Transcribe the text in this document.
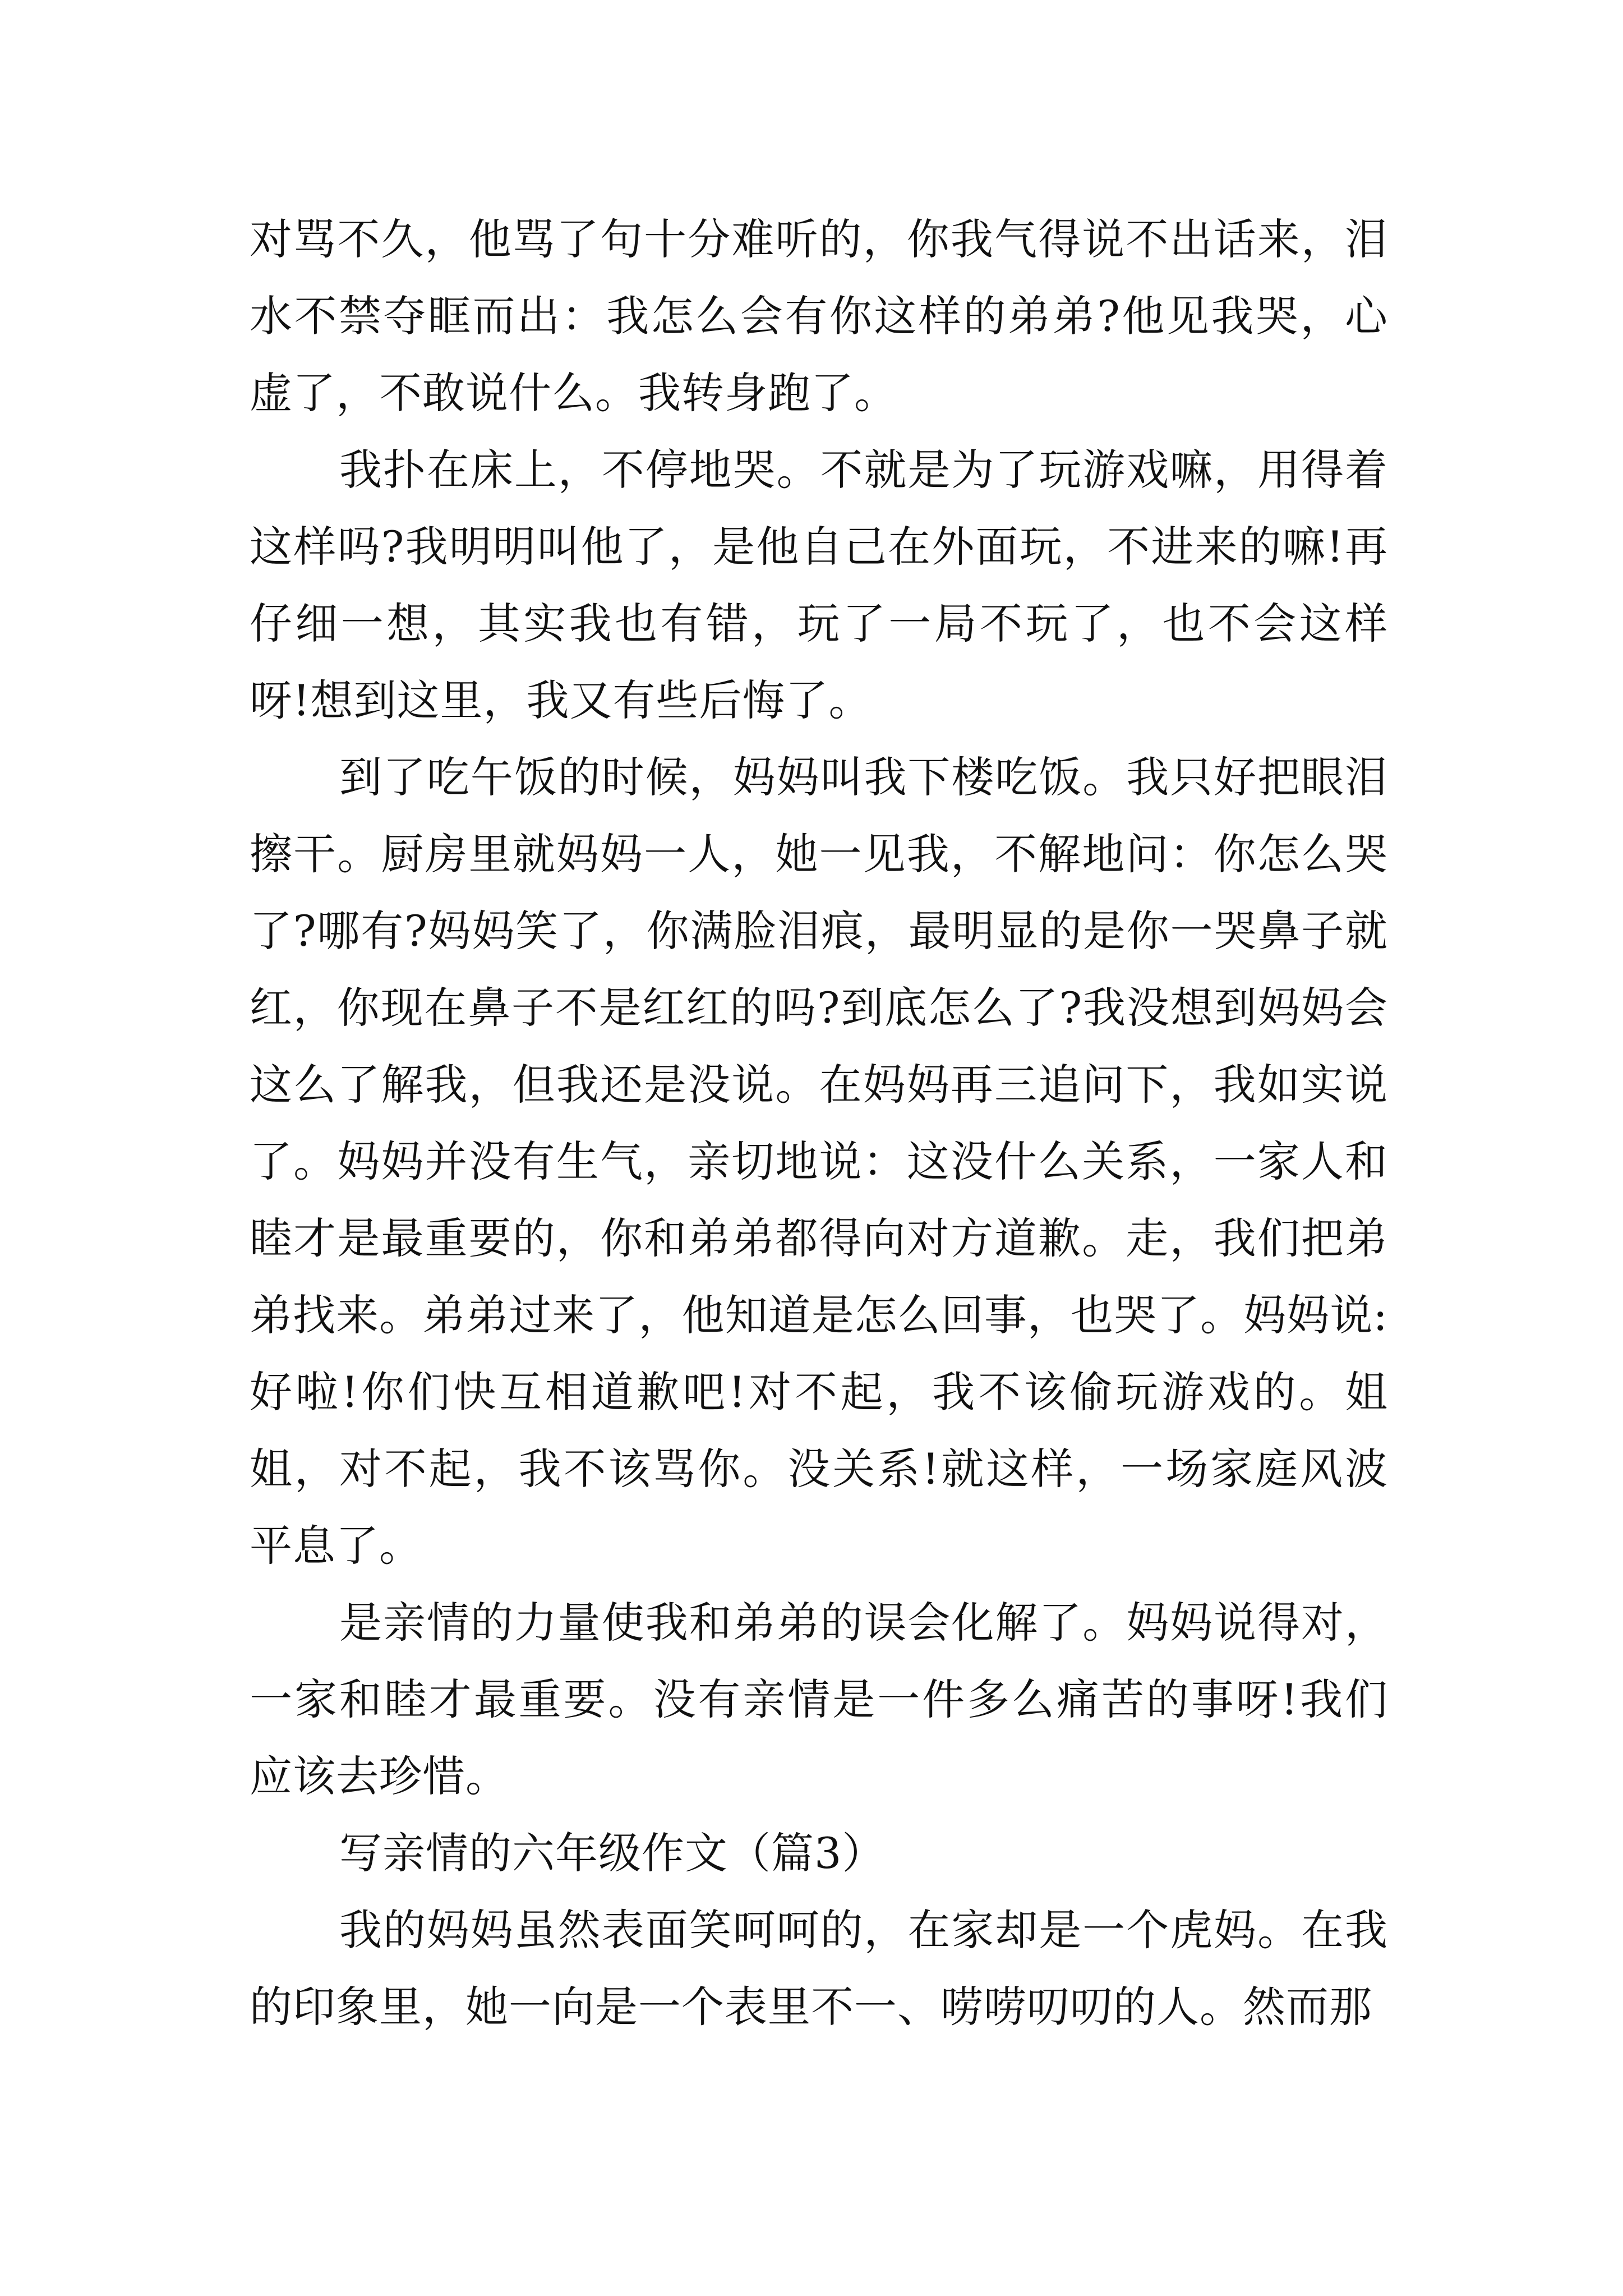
对骂不久，他骂了句十分难听的，你我气得说不出话来，泪水不禁夺眶而出：我怎么会有你这样的弟弟?他见我哭，心虚了，不敢说什么。我转身跑了。

我扑在床上，不停地哭。不就是为了玩游戏嘛，用得着这样吗?我明明叫他了，是他自己在外面玩，不进来的嘛!再仔细一想，其实我也有错，玩了一局不玩了，也不会这样呀!想到这里，我又有些后悔了。

到了吃午饭的时候，妈妈叫我下楼吃饭。我只好把眼泪擦干。厨房里就妈妈一人，她一见我，不解地问：你怎么哭了?哪有?妈妈笑了，你满脸泪痕，最明显的是你一哭鼻子就红，你现在鼻子不是红红的吗?到底怎么了?我没想到妈妈会这么了解我，但我还是没说。在妈妈再三追问下，我如实说了。妈妈并没有生气，亲切地说：这没什么关系，一家人和睦才是最重要的，你和弟弟都得向对方道歉。走，我们把弟弟找来。弟弟过来了，他知道是怎么回事，也哭了。妈妈说:好啦!你们快互相道歉吧!对不起，我不该偷玩游戏的。姐姐，对不起，我不该骂你。没关系!就这样，一场家庭风波平息了。

是亲情的力量使我和弟弟的误会化解了。妈妈说得对，一家和睦才最重要。没有亲情是一件多么痛苦的事呀!我们应该去珍惜。

写亲情的六年级作文（篇3）

我的妈妈虽然表面笑呵呵的，在家却是一个虎妈。在我的印象里，她一向是一个表里不一、唠唠叨叨的人。然而那
